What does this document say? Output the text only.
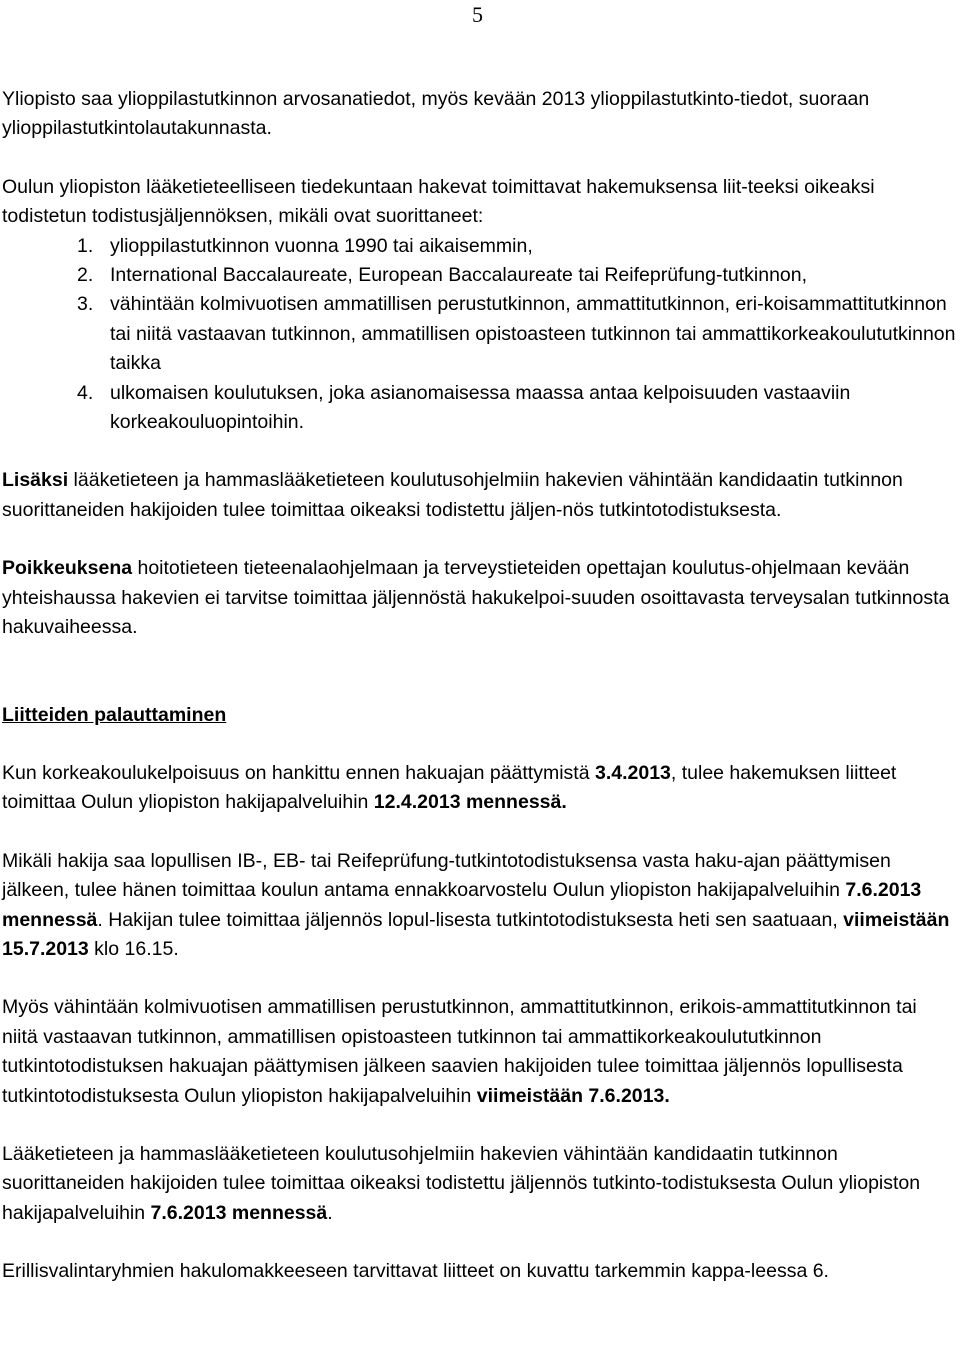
5

Yliopisto saa ylioppilastutkinnon arvosanatiedot, myös kevään 2013 ylioppilastutkinto-tiedot, suoraan ylioppilastutkintolautakunnasta.

Oulun yliopiston lääketieteelliseen tiedekuntaan hakevat toimittavat hakemuksensa liit-teeksi oikeaksi todistetun todistusjäljennöksen, mikäli ovat suorittaneet:

1. ylioppilastutkinnon vuonna 1990 tai aikaisemmin,
2. International Baccalaureate, European Baccalaureate tai Reifeprüfung-tutkinnon,
3. vähintään kolmivuotisen ammatillisen perustutkinnon, ammattitutkinnon, eri-koisammattitutkinnon tai niitä vastaavan tutkinnon, ammatillisen opistoasteen tutkinnon tai ammattikorkeakoulututkinnon taikka
4. ulkomaisen koulutuksen, joka asianomaisessa maassa antaa kelpoisuuden vastaaviin korkeakouluopintoihin.

Lisäksi lääketieteen ja hammaslääketieteen koulutusohjelmiin hakevien vähintään kandidaatin tutkinnon suorittaneiden hakijoiden tulee toimittaa oikeaksi todistettu jäljen-nös tutkintotodistuksesta.

Poikkeuksena hoitotieteen tieteenalaohjelmaan ja terveystieteiden opettajan koulutus-ohjelmaan kevään yhteishaussa hakevien ei tarvitse toimittaa jäljennöstä hakukelpoi-suuden osoittavasta terveysalan tutkinnosta hakuvaiheessa.

Liitteiden palauttaminen

Kun korkeakoulukelpoisuus on hankittu ennen hakuajan päättymistä 3.4.2013, tulee hakemuksen liitteet toimittaa Oulun yliopiston hakijapalveluihin 12.4.2013 mennessä.

Mikäli hakija saa lopullisen IB-, EB- tai Reifeprüfung-tutkintotodistuksensa vasta haku-ajan päättymisen jälkeen, tulee hänen toimittaa koulun antama ennakkoarvostelu Oulun yliopiston hakijapalveluihin 7.6.2013 mennessä. Hakijan tulee toimittaa jäljennös lopul-lisesta tutkintotodistuksesta heti sen saatuaan, viimeistään 15.7.2013 klo 16.15.

Myös vähintään kolmivuotisen ammatillisen perustutkinnon, ammattitutkinnon, erikois-ammattitutkinnon tai niitä vastaavan tutkinnon, ammatillisen opistoasteen tutkinnon tai ammattikorkeakoulututkinnon tutkintotodistuksen hakuajan päättymisen jälkeen saavien hakijoiden tulee toimittaa jäljennös lopullisesta tutkintotodistuksesta Oulun yliopiston hakijapalveluihin viimeistään 7.6.2013.

Lääketieteen ja hammaslääketieteen koulutusohjelmiin hakevien vähintään kandidaatin tutkinnon suorittaneiden hakijoiden tulee toimittaa oikeaksi todistettu jäljennös tutkinto-todistuksesta Oulun yliopiston hakijapalveluihin 7.6.2013 mennessä.

Erillisvalintaryhmien hakulomakkeeseen tarvittavat liitteet on kuvattu tarkemmin kappa-leessa 6.
